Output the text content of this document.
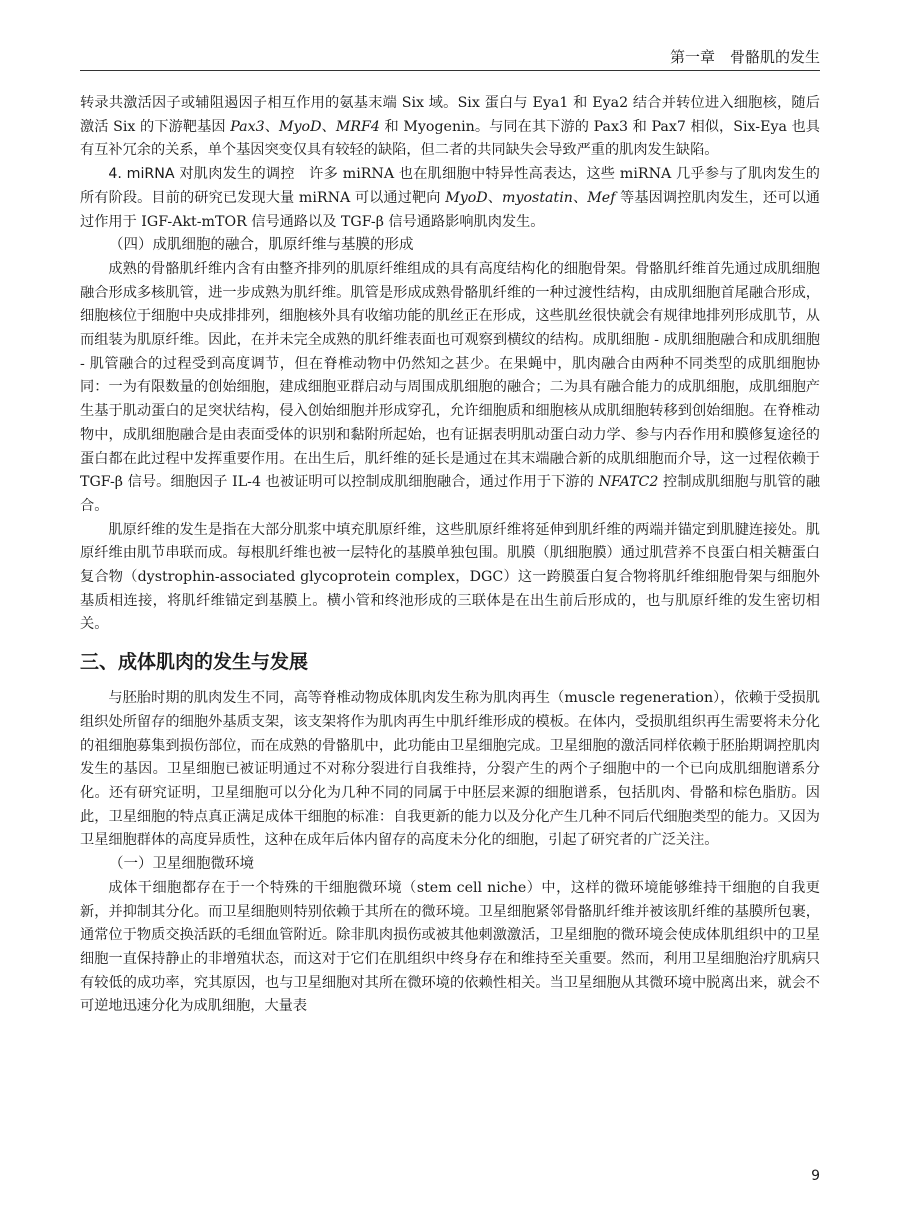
第一章　骨骼肌的发生

转录共激活因子或辅阻遏因子相互作用的氨基末端 Six 域。Six 蛋白与 Eya1 和 Eya2 结合并转位进入细胞核，随后激活 Six 的下游靶基因 Pax3、MyoD、MRF4 和 Myogenin。与同在其下游的 Pax3 和 Pax7 相似，Six-Eya 也具有互补冗余的关系，单个基因突变仅具有较轻的缺陷，但二者的共同缺失会导致严重的肌肉发生缺陷。

4. miRNA 对肌肉发生的调控　许多 miRNA 也在肌细胞中特异性高表达，这些 miRNA 几乎参与了肌肉发生的所有阶段。目前的研究已发现大量 miRNA 可以通过靶向 MyoD、myostatin、Mef 等基因调控肌肉发生，还可以通过作用于 IGF-Akt-mTOR 信号通路以及 TGF-β 信号通路影响肌肉发生。

（四）成肌细胞的融合，肌原纤维与基膜的形成

成熟的骨骼肌纤维内含有由整齐排列的肌原纤维组成的具有高度结构化的细胞骨架。骨骼肌纤维首先通过成肌细胞融合形成多核肌管，进一步成熟为肌纤维。肌管是形成成熟骨骼肌纤维的一种过渡性结构，由成肌细胞首尾融合形成，细胞核位于细胞中央成排排列，细胞核外具有收缩功能的肌丝正在形成，这些肌丝很快就会有规律地排列形成肌节，从而组装为肌原纤维。因此，在并未完全成熟的肌纤维表面也可观察到横纹的结构。成肌细胞 - 成肌细胞融合和成肌细胞 - 肌管融合的过程受到高度调节，但在脊椎动物中仍然知之甚少。在果蝇中，肌肉融合由两种不同类型的成肌细胞协同：一为有限数量的创始细胞，建成细胞亚群启动与周围成肌细胞的融合；二为具有融合能力的成肌细胞，成肌细胞产生基于肌动蛋白的足突状结构，侵入创始细胞并形成穿孔，允许细胞质和细胞核从成肌细胞转移到创始细胞。在脊椎动物中，成肌细胞融合是由表面受体的识别和黏附所起始，也有证据表明肌动蛋白动力学、参与内吞作用和膜修复途径的蛋白都在此过程中发挥重要作用。在出生后，肌纤维的延长是通过在其末端融合新的成肌细胞而介导，这一过程依赖于 TGF-β 信号。细胞因子 IL-4 也被证明可以控制成肌细胞融合，通过作用于下游的 NFATC2 控制成肌细胞与肌管的融合。

肌原纤维的发生是指在大部分肌浆中填充肌原纤维，这些肌原纤维将延伸到肌纤维的两端并锚定到肌腱连接处。肌原纤维由肌节串联而成。每根肌纤维也被一层特化的基膜单独包围。肌膜（肌细胞膜）通过肌营养不良蛋白相关糖蛋白复合物（dystrophin-associated glycoprotein complex，DGC）这一跨膜蛋白复合物将肌纤维细胞骨架与细胞外基质相连接，将肌纤维锚定到基膜上。横小管和终池形成的三联体是在出生前后形成的，也与肌原纤维的发生密切相关。

三、成体肌肉的发生与发展

与胚胎时期的肌肉发生不同，高等脊椎动物成体肌肉发生称为肌肉再生（muscle regeneration），依赖于受损肌组织处所留存的细胞外基质支架，该支架将作为肌肉再生中肌纤维形成的模板。在体内，受损肌组织再生需要将未分化的祖细胞募集到损伤部位，而在成熟的骨骼肌中，此功能由卫星细胞完成。卫星细胞的激活同样依赖于胚胎期调控肌肉发生的基因。卫星细胞已被证明通过不对称分裂进行自我维持，分裂产生的两个子细胞中的一个已向成肌细胞谱系分化。还有研究证明，卫星细胞可以分化为几种不同的同属于中胚层来源的细胞谱系，包括肌肉、骨骼和棕色脂肪。因此，卫星细胞的特点真正满足成体干细胞的标准：自我更新的能力以及分化产生几种不同后代细胞类型的能力。又因为卫星细胞群体的高度异质性，这种在成年后体内留存的高度未分化的细胞，引起了研究者的广泛关注。

（一）卫星细胞微环境

成体干细胞都存在于一个特殊的干细胞微环境（stem cell niche）中，这样的微环境能够维持干细胞的自我更新，并抑制其分化。而卫星细胞则特别依赖于其所在的微环境。卫星细胞紧邻骨骼肌纤维并被该肌纤维的基膜所包裹，通常位于物质交换活跃的毛细血管附近。除非肌肉损伤或被其他刺激激活，卫星细胞的微环境会使成体肌组织中的卫星细胞一直保持静止的非增殖状态，而这对于它们在肌组织中终身存在和维持至关重要。然而，利用卫星细胞治疗肌病只有较低的成功率，究其原因，也与卫星细胞对其所在微环境的依赖性相关。当卫星细胞从其微环境中脱离出来，就会不可逆地迅速分化为成肌细胞，大量表

9
